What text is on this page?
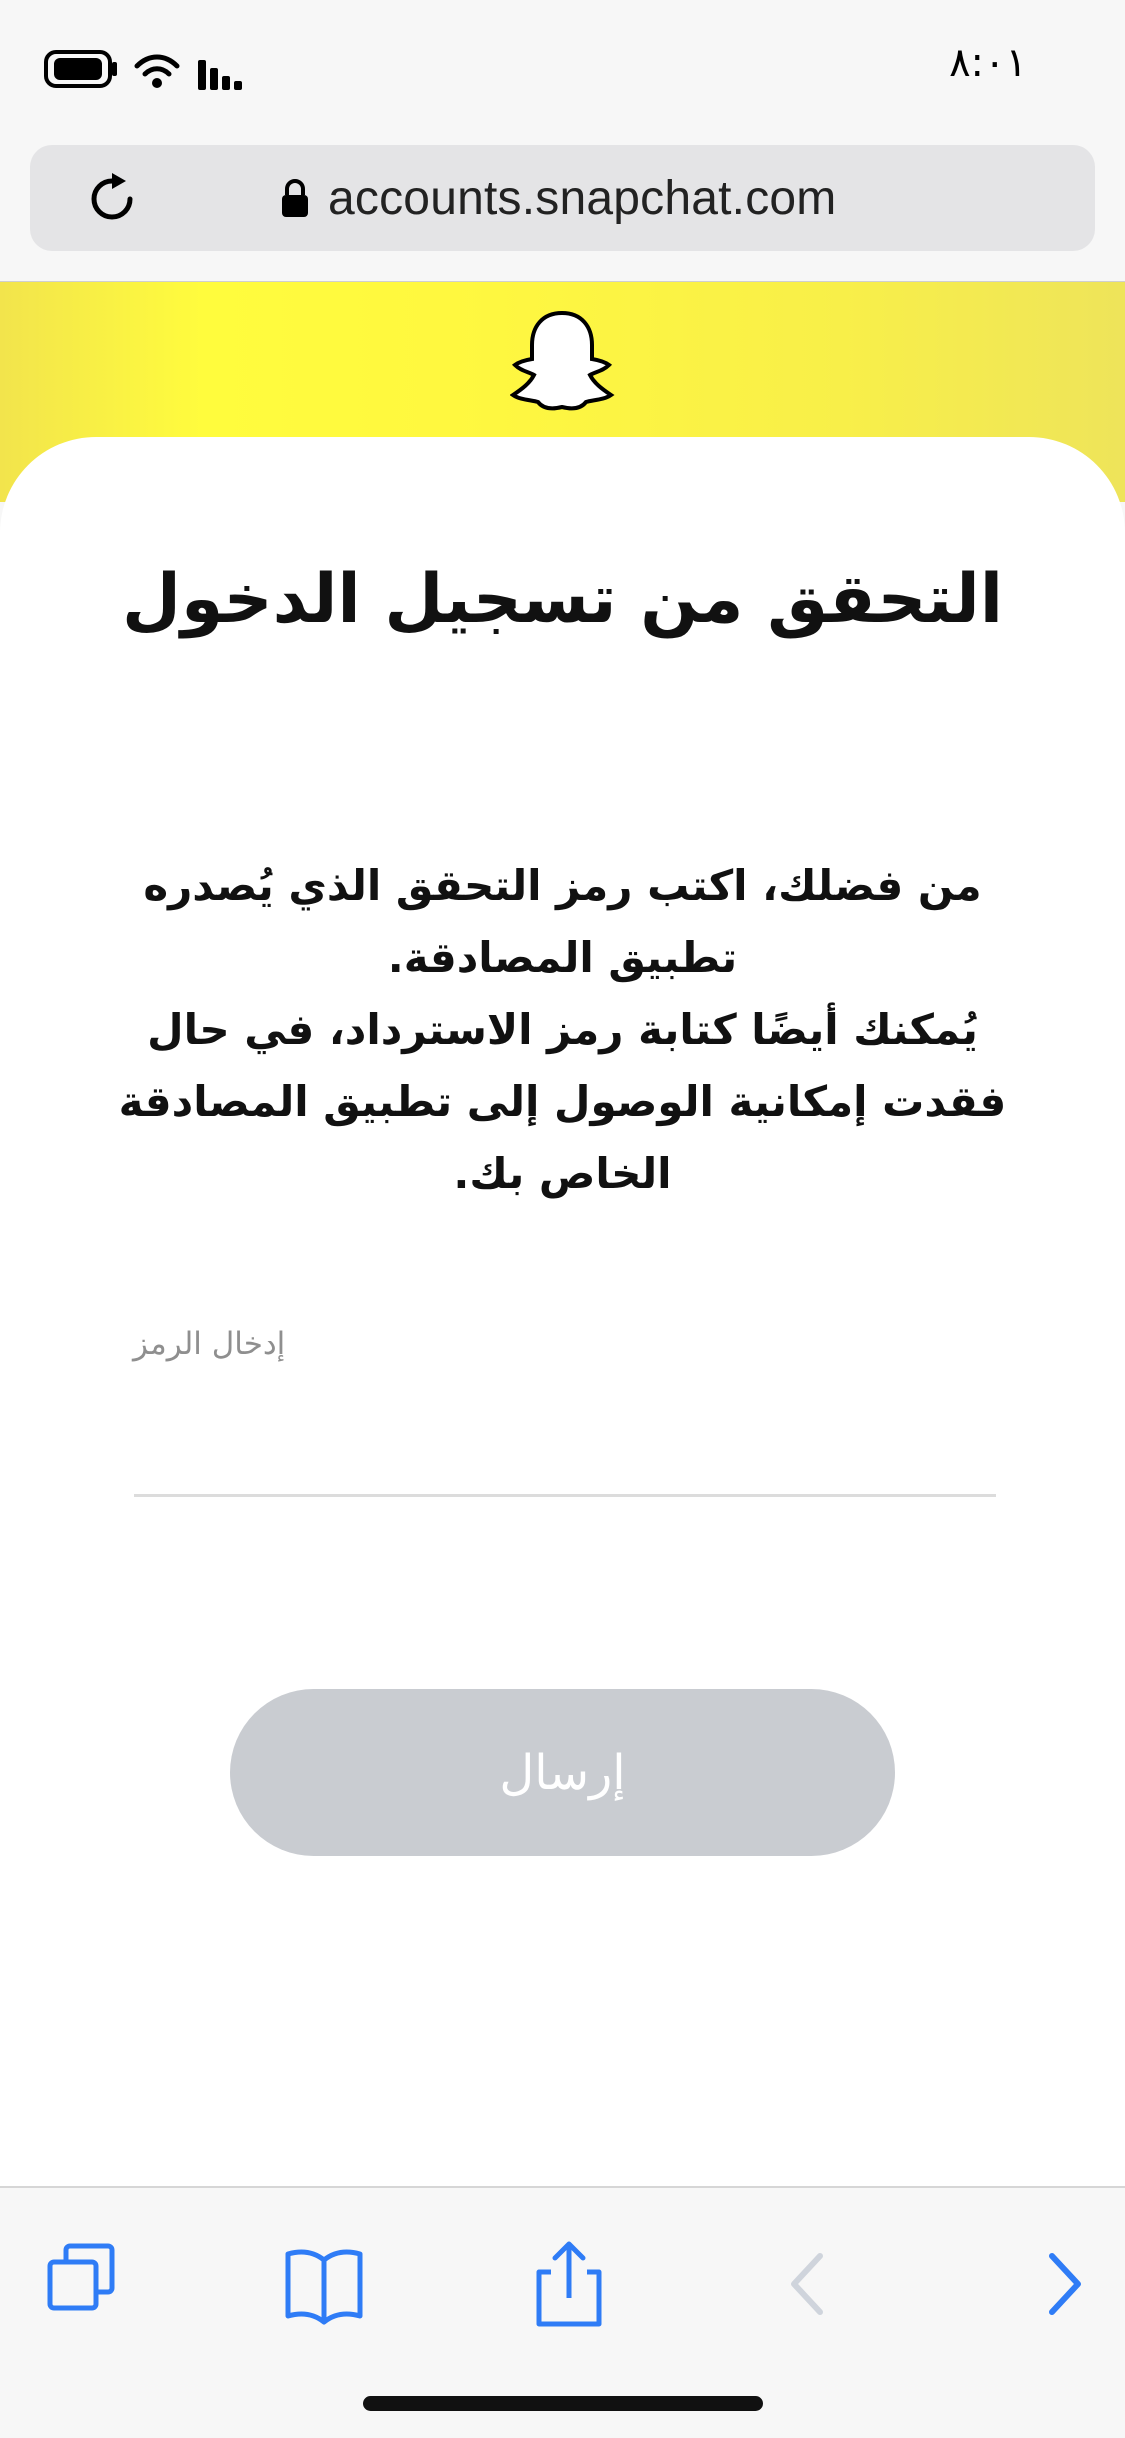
٨:٠١
accounts.snapchat.com
التحقق من تسجيل الدخول

من فضلك، اكتب رمز التحقق الذي يُصدره تطبيق المصادقة.

يُمكنك أيضًا كتابة رمز الاسترداد، في حال فقدت إمكانية الوصول إلى تطبيق المصادقة الخاص بك.

إدخال الرمز
إرسال
